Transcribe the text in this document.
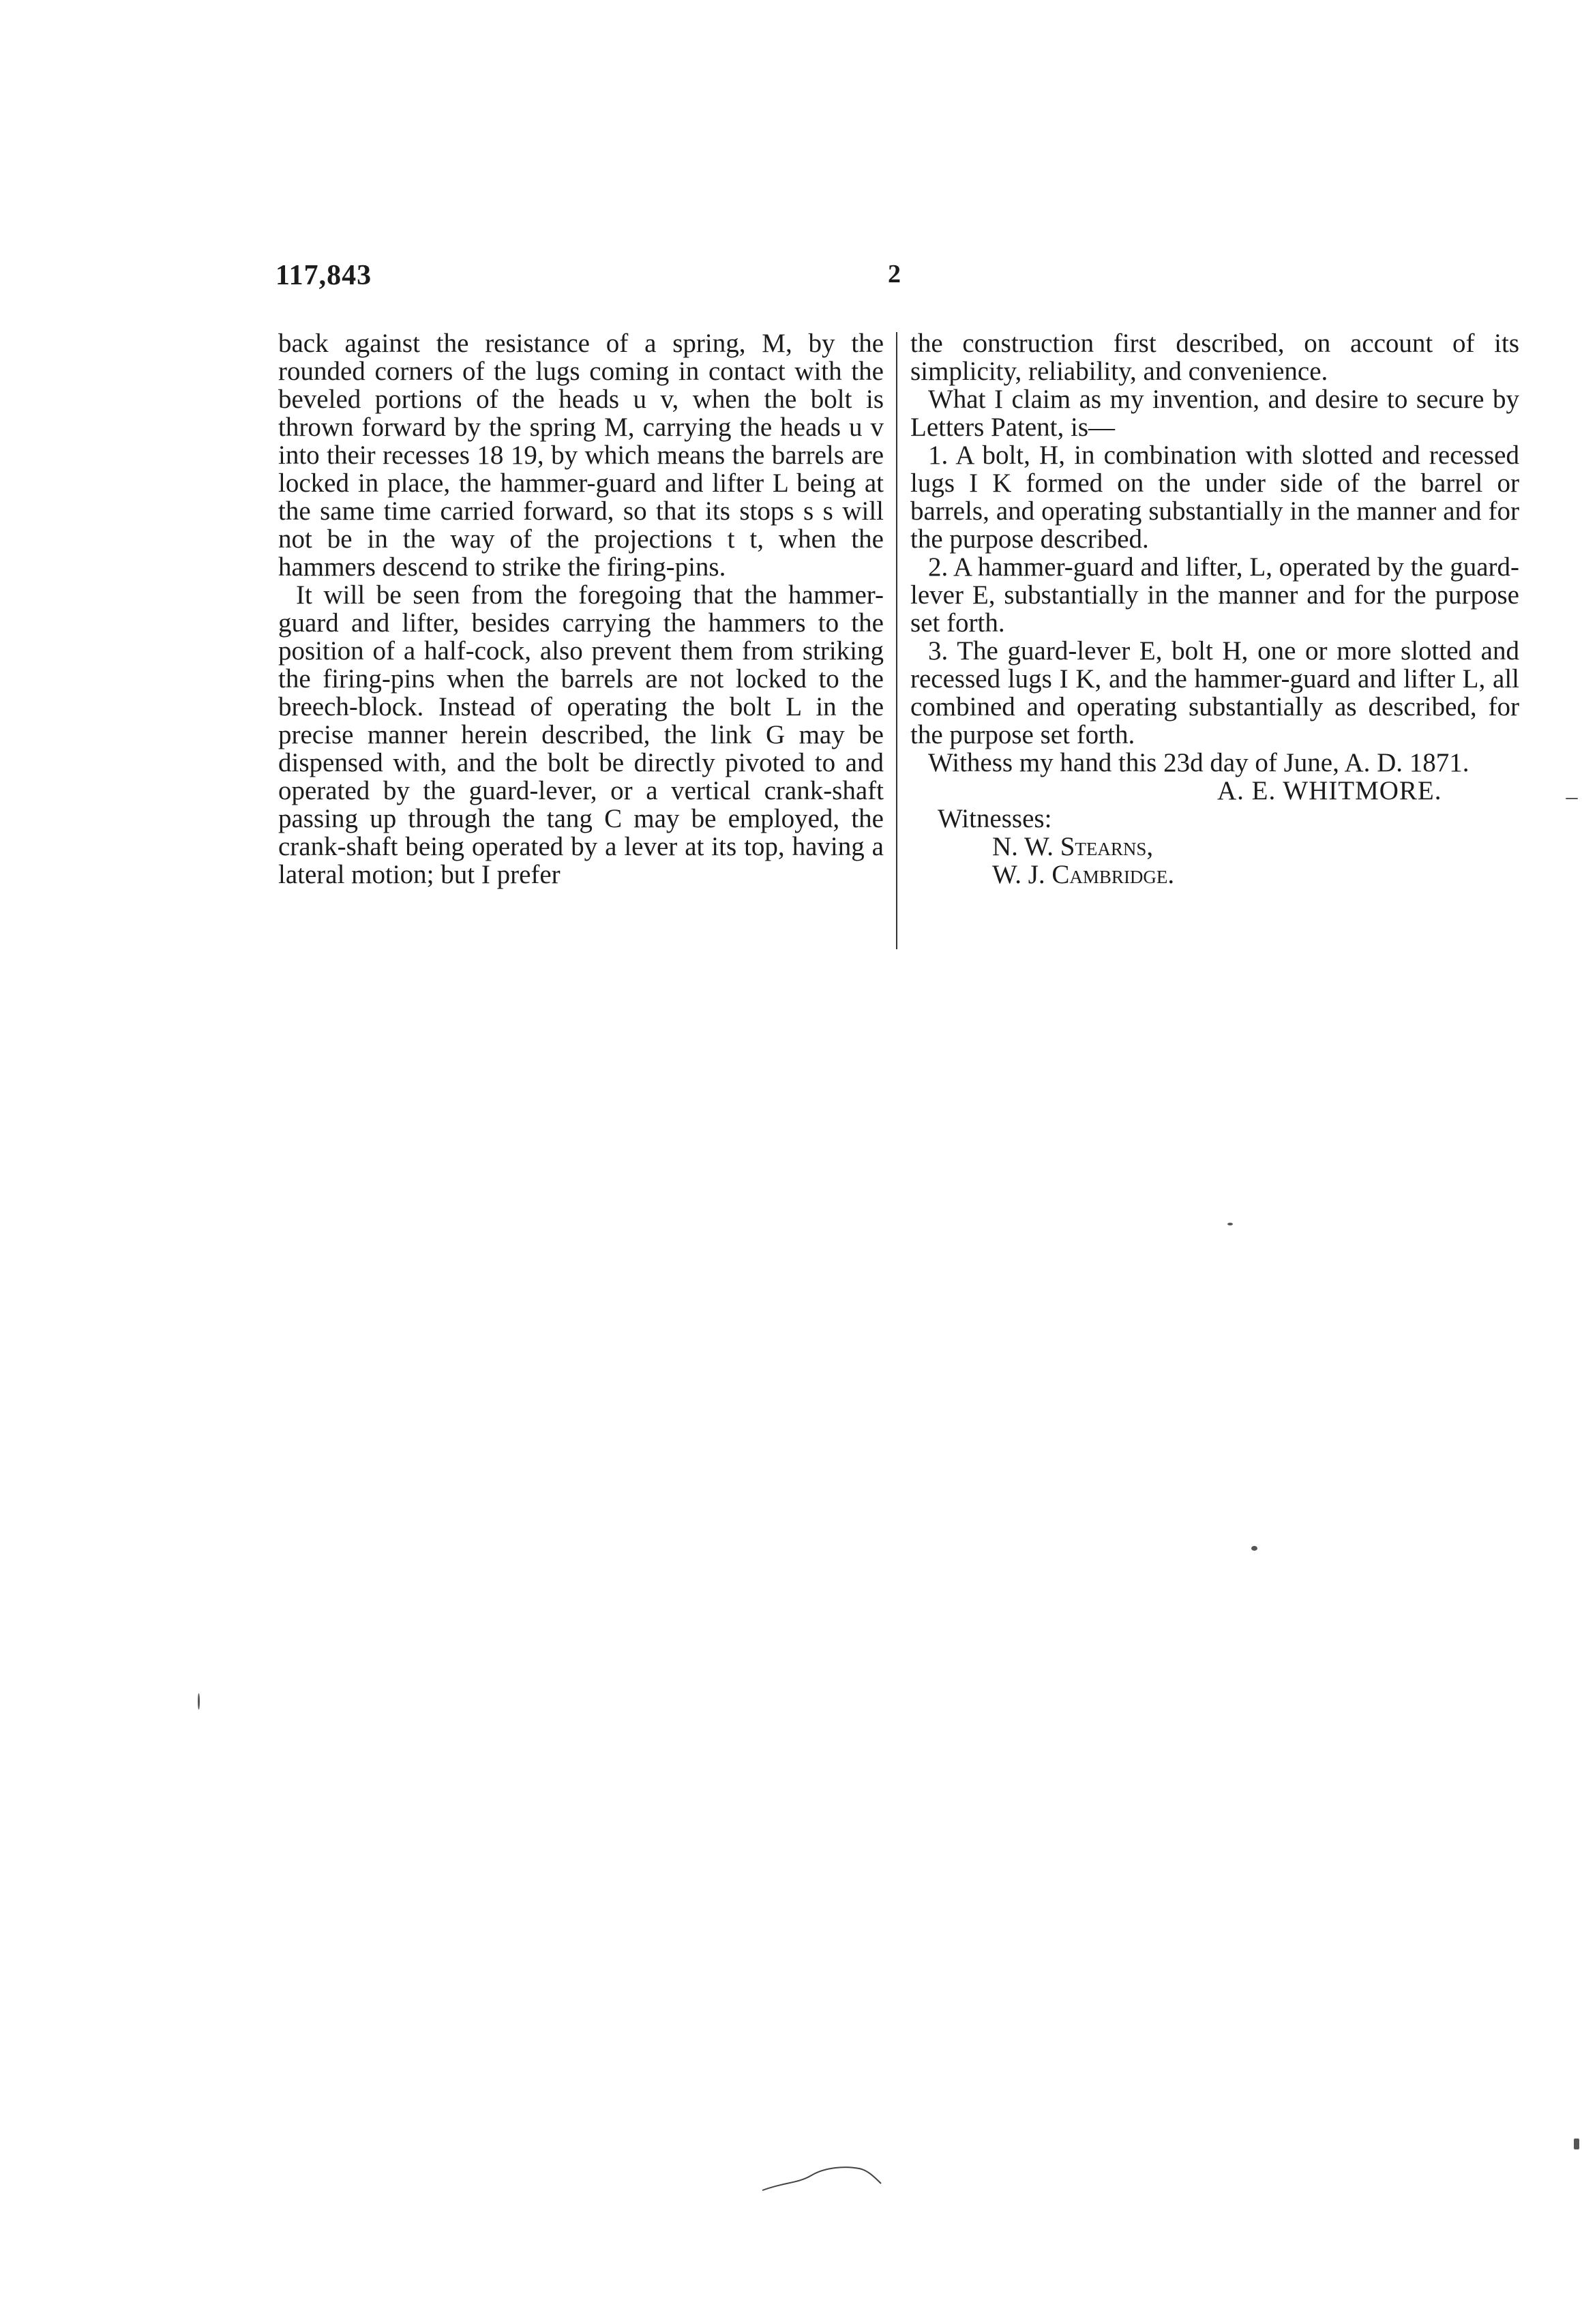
117,843	2

back against the resistance of a spring, M, by the rounded corners of the lugs coming in contact with the beveled portions of the heads u v, when the bolt is thrown forward by the spring M, carrying the heads u v into their recesses 18 19, by which means the barrels are locked in place, the hammer-guard and lifter L being at the same time carried forward, so that its stops s s will not be in the way of the projections t t, when the hammers descend to strike the firing-pins.

It will be seen from the foregoing that the hammer-guard and lifter, besides carrying the hammers to the position of a half-cock, also prevent them from striking the firing-pins when the barrels are not locked to the breech-block. Instead of operating the bolt L in the precise manner herein described, the link G may be dispensed with, and the bolt be directly pivoted to and operated by the guard-lever, or a vertical crank-shaft passing up through the tang C may be employed, the crank-shaft being operated by a lever at its top, having a lateral motion; but I prefer

the construction first described, on account of its simplicity, reliability, and convenience.

What I claim as my invention, and desire to secure by Letters Patent, is—

1. A bolt, H, in combination with slotted and recessed lugs I K formed on the under side of the barrel or barrels, and operating substantially in the manner and for the purpose described.

2. A hammer-guard and lifter, L, operated by the guard-lever E, substantially in the manner and for the purpose set forth.

3. The guard-lever E, bolt H, one or more slotted and recessed lugs I K, and the hammer-guard and lifter L, all combined and operating substantially as described, for the purpose set forth.

Withess my hand this 23d day of June, A. D. 1871.

A. E. WHITMORE.

Witnesses:

N. W. Stearns,

W. J. Cambridge.
